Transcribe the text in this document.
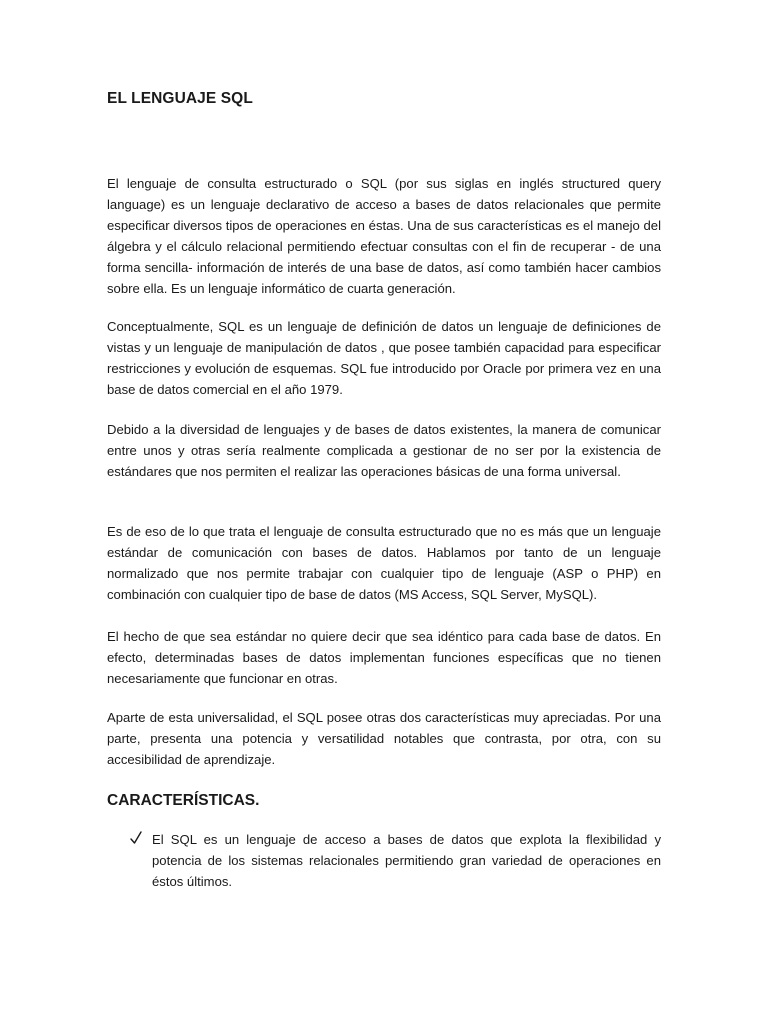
EL LENGUAJE SQL

El lenguaje de consulta estructurado o SQL (por sus siglas en inglés structured query language) es un lenguaje declarativo de acceso a bases de datos relacionales que permite especificar diversos tipos de operaciones en éstas. Una de sus características es el manejo del álgebra y el cálculo relacional permitiendo efectuar consultas con el fin de recuperar - de una forma sencilla- información de interés de una base de datos, así como también hacer cambios sobre ella. Es un lenguaje informático de cuarta generación.

Conceptualmente, SQL es un lenguaje de definición de datos un lenguaje de definiciones de vistas y un lenguaje de manipulación de datos , que posee también capacidad para especificar restricciones y evolución de esquemas. SQL fue introducido por Oracle por primera vez en una base de datos comercial en el año 1979.

Debido a la diversidad de lenguajes y de bases de datos existentes, la manera de comunicar entre unos y otras sería realmente complicada a gestionar de no ser por la existencia de estándares que nos permiten el realizar las operaciones básicas de una forma universal.

Es de eso de lo que trata el lenguaje de consulta estructurado que no es más que un lenguaje estándar de comunicación con bases de datos. Hablamos por tanto de un lenguaje normalizado que nos permite trabajar con cualquier tipo de lenguaje (ASP o PHP) en combinación con cualquier tipo de base de datos (MS Access, SQL Server, MySQL).

El hecho de que sea estándar no quiere decir que sea idéntico para cada base de datos. En efecto, determinadas bases de datos implementan funciones específicas que no tienen necesariamente que funcionar en otras.

Aparte de esta universalidad, el SQL posee otras dos características muy apreciadas. Por una parte, presenta una potencia y versatilidad notables que contrasta, por otra, con su accesibilidad de aprendizaje.

CARACTERÍSTICAS.
El SQL es un lenguaje de acceso a bases de datos que explota la flexibilidad y potencia de los sistemas relacionales permitiendo gran variedad de operaciones en éstos últimos.
